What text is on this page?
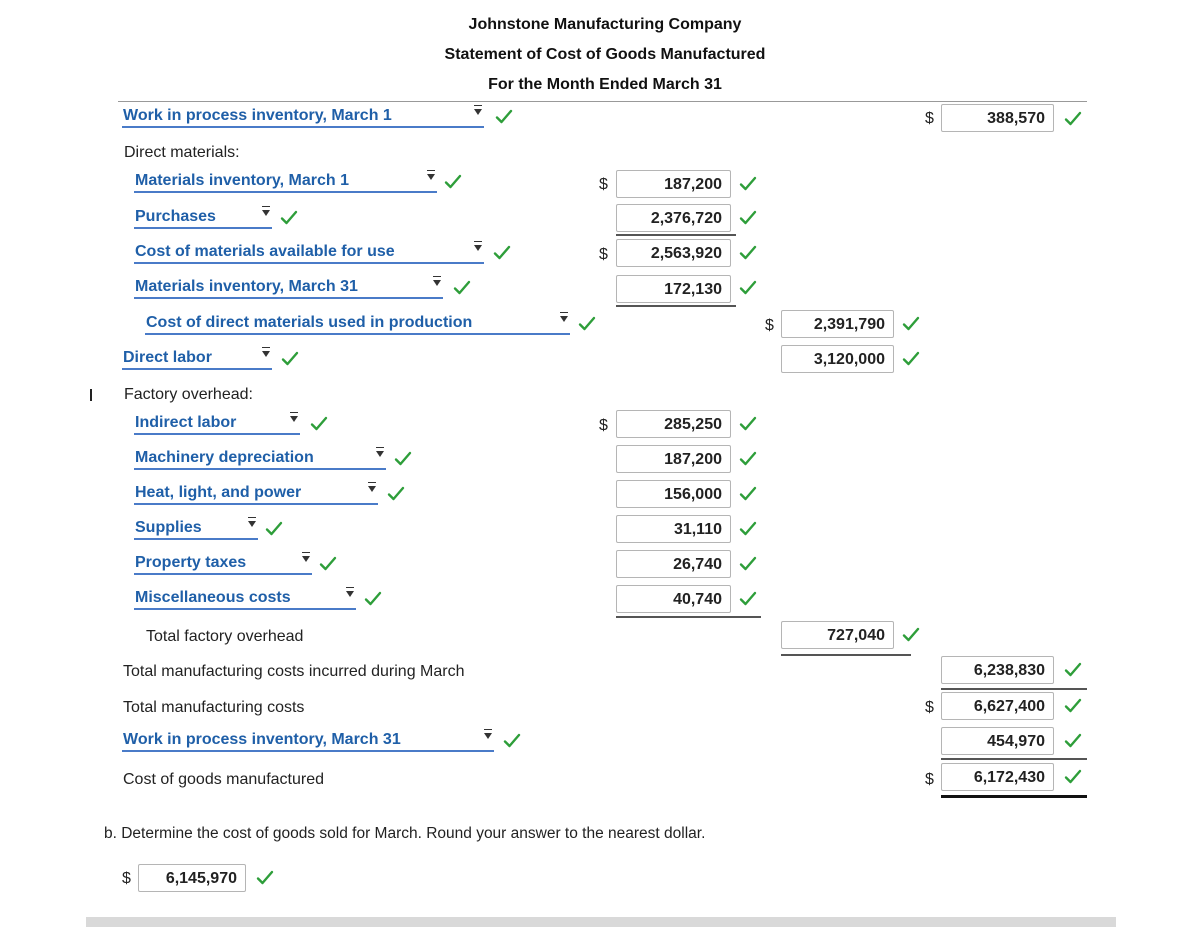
Johnstone Manufacturing Company
Statement of Cost of Goods Manufactured
For the Month Ended March 31
Work in process inventory, March 1	$	388,570
Direct materials:
Materials inventory, March 1	$	187,200
Purchases	2,376,720
Cost of materials available for use	$	2,563,920
Materials inventory, March 31	172,130
Cost of direct materials used in production	$	2,391,790
Direct labor	3,120,000
Factory overhead:
Indirect labor	$	285,250
Machinery depreciation	187,200
Heat, light, and power	156,000
Supplies	31,110
Property taxes	26,740
Miscellaneous costs	40,740
Total factory overhead	727,040
Total manufacturing costs incurred during March	6,238,830
Total manufacturing costs	$	6,627,400
Work in process inventory, March 31	454,970
Cost of goods manufactured	$	6,172,430
b. Determine the cost of goods sold for March. Round your answer to the nearest dollar.
$	6,145,970
